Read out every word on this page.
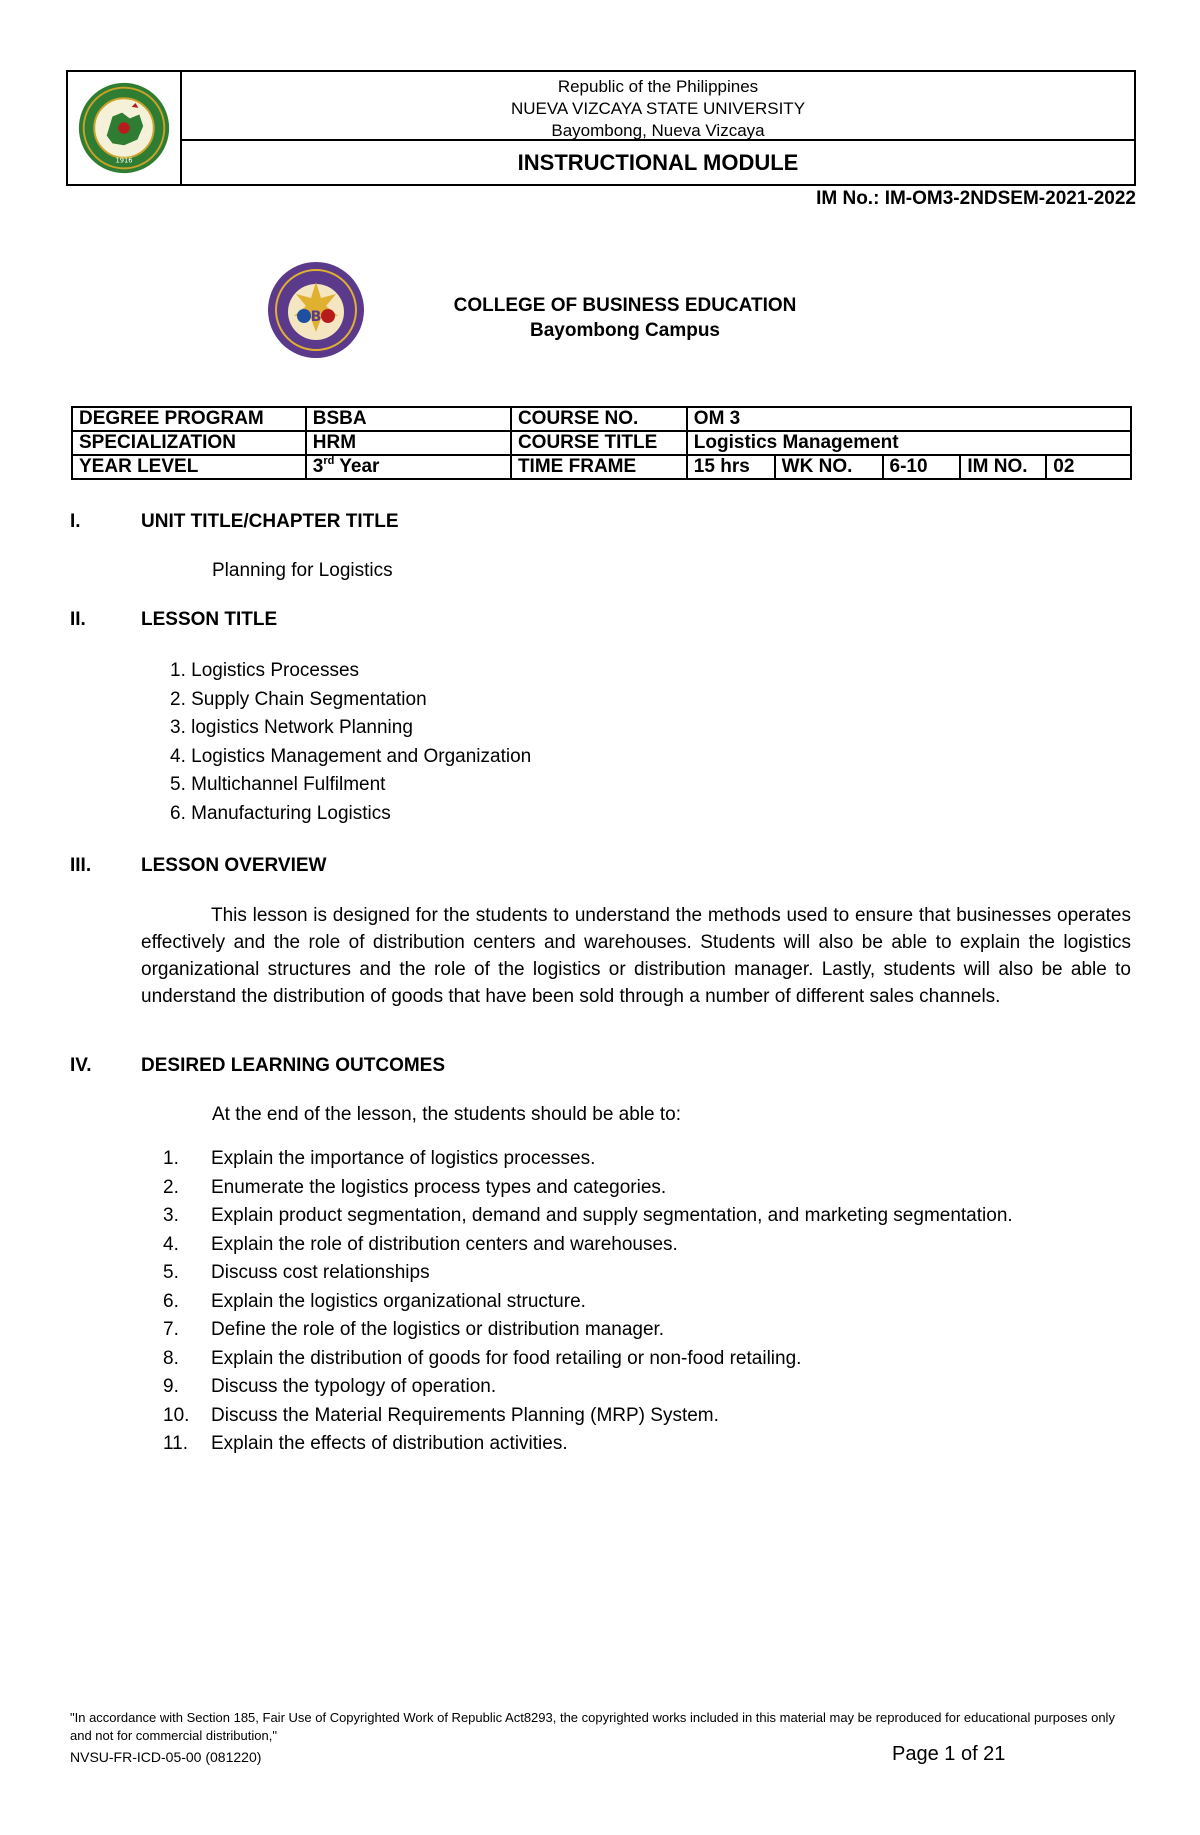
1916
Republic of the Philippines
NUEVA VIZCAYA STATE UNIVERSITY
Bayombong, Nueva Vizcaya
INSTRUCTIONAL MODULE
IM No.: IM-OM3-2NDSEM-2021-2022
B
COLLEGE OF BUSINESS EDUCATION
Bayombong Campus
DEGREE PROGRAM	BSBA	COURSE NO.	OM 3				
SPECIALIZATION	HRM	COURSE TITLE	Logistics Management				
YEAR LEVEL	3rd Year	TIME FRAME	15 hrs	WK NO.	6-10	IM NO.	02
I.	UNIT TITLE/CHAPTER TITLE
Planning for Logistics
II.	LESSON TITLE
1. Logistics Processes
2. Supply Chain Segmentation
3. logistics Network Planning
4. Logistics Management and Organization
5. Multichannel Fulfilment
6. Manufacturing Logistics
III.	LESSON OVERVIEW

This lesson is designed for the students to understand the methods used to ensure that businesses operates effectively and the role of distribution centers and warehouses. Students will also be able to explain the logistics organizational structures and the role of the logistics or distribution manager. Lastly, students will also be able to understand the distribution of goods that have been sold through a number of different sales channels.

IV.	DESIRED LEARNING OUTCOMES
At the end of the lesson, the students should be able to:
1.	Explain the importance of logistics processes.
2.	Enumerate the logistics process types and categories.
3.	Explain product segmentation, demand and supply segmentation, and marketing segmentation.
4.	Explain the role of distribution centers and warehouses.
5.	Discuss cost relationships
6.	Explain the logistics organizational structure.
7.	Define the role of the logistics or distribution manager.
8.	Explain the distribution of goods for food retailing or non-food retailing.
9.	Discuss the typology of operation.
10.	Discuss the Material Requirements Planning (MRP) System.
11.	Explain the effects of distribution activities.
"In accordance with Section 185, Fair Use of Copyrighted Work of Republic Act8293, the copyrighted works included in this material may be reproduced for educational purposes only and not for commercial distribution,"
NVSU-FR-ICD-05-00 (081220)	Page 1 of 21
